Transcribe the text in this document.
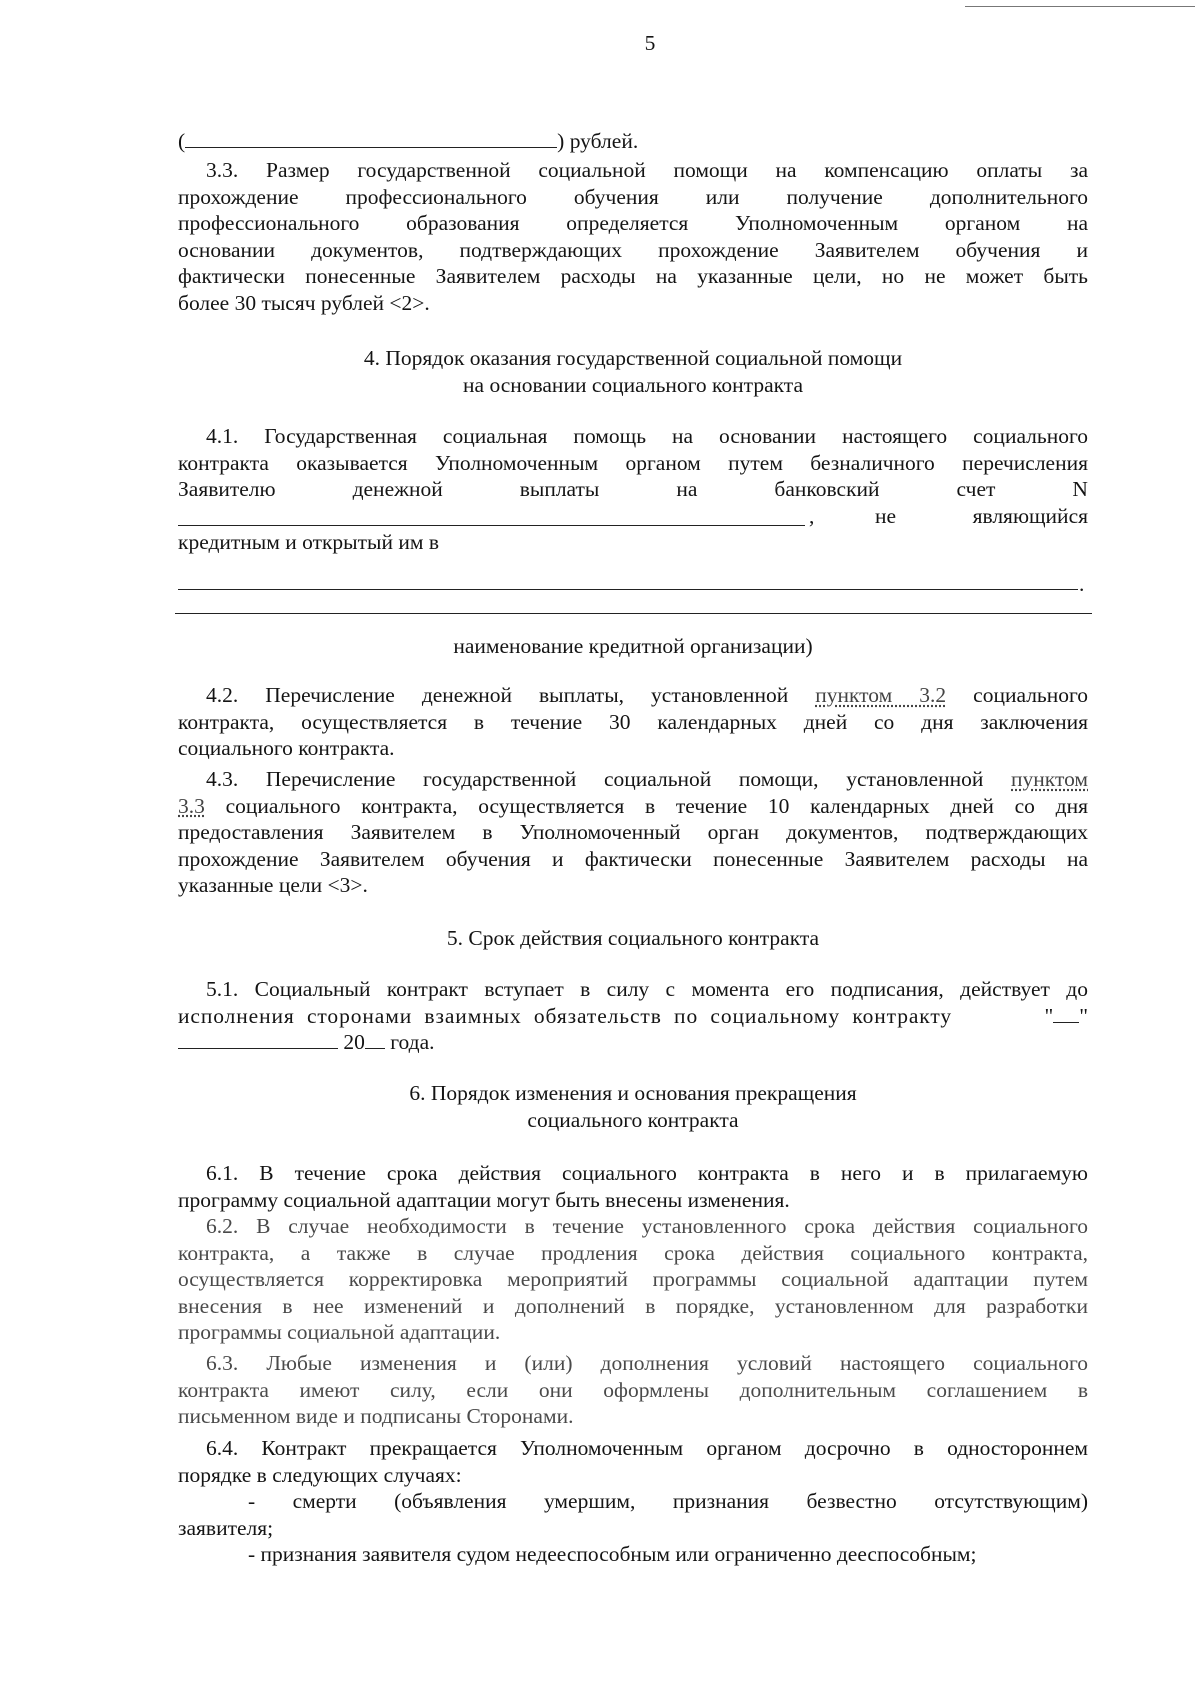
5
(	) рублей.
3.3. Размер государственной социальной помощи на компенсацию оплаты за
прохождение профессионального обучения или получение дополнительного
профессионального образования определяется Уполномоченным органом на
основании документов, подтверждающих прохождение Заявителем обучения и
фактически понесенные Заявителем расходы на указанные цели, но не может быть
более 30 тысяч рублей <2>.
4. Порядок оказания государственной социальной помощи
на основании социального контракта
4.1. Государственная социальная помощь на основании настоящего социального
контракта оказывается Уполномоченным органом путем безналичного перечисления
Заявителю	денежной	выплаты	на	банковский	счет	N
,	не	являющийся
кредитным и открытый им в
.
наименование кредитной организации)
4.2. Перечисление денежной выплаты, установленной пунктом 3.2 социального
контракта, осуществляется в течение 30 календарных дней со дня заключения
социального контракта.
4.3. Перечисление государственной социальной помощи, установленной пунктом
3.3 социального контракта, осуществляется в течение 10 календарных дней со дня
предоставления Заявителем в Уполномоченный орган документов, подтверждающих
прохождение Заявителем обучения и фактически понесенные Заявителем расходы на
указанные цели <3>.
5. Срок действия социального контракта
5.1. Социальный контракт вступает в силу с момента его подписания, действует до
исполнения сторонами взаимных обязательств по социальному контракту	" "
20 года.
6. Порядок изменения и основания прекращения
социального контракта
6.1. В течение срока действия социального контракта в него и в прилагаемую
программу социальной адаптации могут быть внесены изменения.
6.2. В случае необходимости в течение установленного срока действия социального
контракта, а также в случае продления срока действия социального контракта,
осуществляется корректировка мероприятий программы социальной адаптации путем
внесения в нее изменений и дополнений в порядке, установленном для разработки
программы социальной адаптации.
6.3. Любые изменения и (или) дополнения условий настоящего социального
контракта имеют силу, если они оформлены дополнительным соглашением в
письменном виде и подписаны Сторонами.
6.4. Контракт прекращается Уполномоченным органом досрочно в одностороннем
порядке в следующих случаях:
- смерти (объявления умершим, признания безвестно отсутствующим)
заявителя;
- признания заявителя судом недееспособным или ограниченно дееспособным;
